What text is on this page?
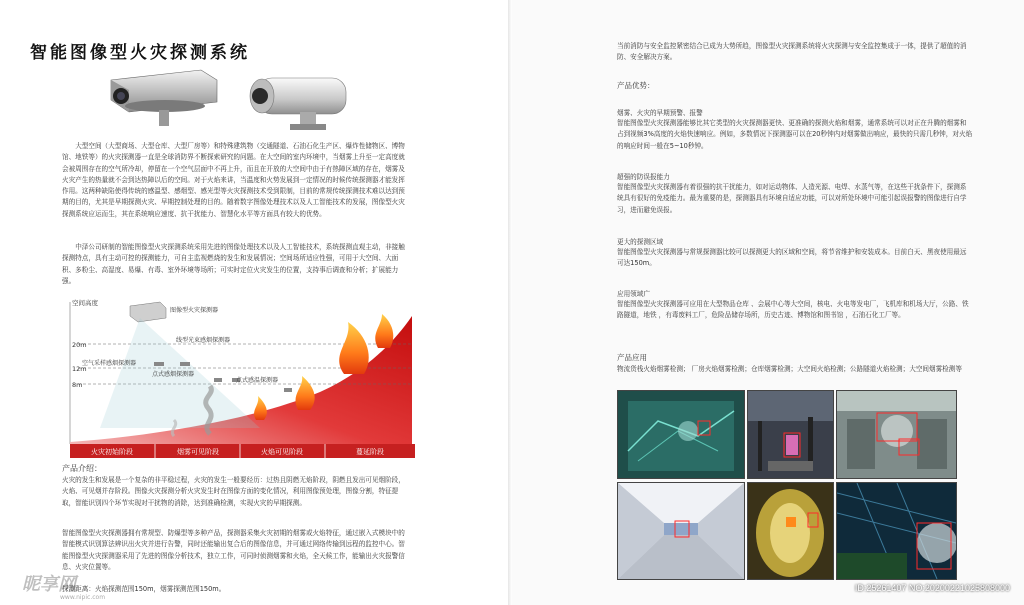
智能图像型火灾探测系统

大型空间（大型商场、大型仓库、大型厂房等）和特殊建筑物（交通隧道、石油石化生产区、爆炸性储物区、博物馆、地铁等）的火灾探测器一直是全球消防界不断探索研究的问题。在大空间的室内环境中，当烟雾上升至一定高度就会被周围存在的空气所冷却，停留在一个空气层面中不再上升，而且在开放的大空间中由于有热障区域的存在，烟雾及火灾产生的热量就不会到达热障以后的空间。对于火焰来讲，当温度和火势发展到一定情况的时候传统探测器才能发挥作用。这两种缺陷使得传统的感温型、感烟型、感光型等火灾探测技术受到限制，目前的常规传统探测技术难以达到预期的目的，尤其是早期探测火灾、早期控制处理的目的。随着数字图像处理技术以及人工智能技术的发展，图像型火灾探测系统应运而生，其在系统响应速度、抗干扰能力、智慧化水平等方面具有较大的优势。

中泽公司研制的智能图像型火灾探测系统采用先进的图像处理技术以及人工智能技术，系统探测直观主动，非接触探测特点，具有主动可控的探测能力，可自主监视燃烧的发生和发展情况；空间场所适应性强，可用于大空间、大面积、多粉尘、高湿度、易爆、有毒、室外环境等场所；可实时定位火灾发生的位置，支持事后调查和分析；扩展能力强。

空间高度
20m
12m
8m
图像型火灾探测器
线型光束感烟探测器
空气采样感烟探测器
点式感烟探测器
点式感温探测器
火灾初始阶段	烟雾可见阶段	火焰可见阶段	蔓延阶段
产品介绍：

火灾的发生和发展是一个复杂的非平稳过程，火灾的发生一般要经历：过热且阴燃无焰阶段，阴燃且发出可见烟阶段，火焰、可见烟并存阶段。图像火灾探测分析火灾发生时在图像方面的变化情况，利用图像预处理，图像分割，特征提取，智能识别四个环节实现对干扰物的消除，达到准确检测，实现火灾的早期探测。

智能图像型火灾探测器拥有常规型、防爆型等多种产品，探测器采集火灾初期的烟雾或火焰特征，通过嵌入式模块中的智能模式识别算法辨识出火灾并进行告警，同时还能输出复合后的图像信息，并可通过网络传输到远程的监控中心。智能图像型火灾探测器采用了先进的图像分析技术，独立工作，可同时侦测烟雾和火焰，全天候工作，能输出火灾报警信息、火灾位置等。

探测距离：火焰探测范围150m，烟雾探测范围150m。

昵享网
www.nipic.com

当前消防与安全监控紧密结合已成为大势所趋，图像型火灾探测系统将火灾探测与安全监控集成于一体，提供了超值的消防、安全解决方案。

产品优势：
烟雾、火灾的早期预警、报警

智能图像型火灾探测器能够比其它类型的火灾探测器更快、更准确的探测火焰和烟雾，通常系统可以对正在升腾的烟雾和占到视频3%高度的火焰快速响应。例如，多数情况下探测器可以在20秒钟内对烟雾做出响应，最快的只需几秒钟，对火焰的响应时间一般在5~10秒钟。

超强的防误报能力

智能图像型火灾探测器有着很强的抗干扰能力，如对运动物体、人造光源、电焊、水蒸气等，在这些干扰条件下，探测系统具有很好的免疫能力。最为重要的是，探测器具有环境自适应功能，可以对所处环境中可能引起误报警的图像进行自学习，进而避免误报。

更大的探测区域

智能图像型火灾探测器与常规探测器比较可以探测更大的区域和空间，将节省维护和安装成本。目前白天、黑夜使用最远可达150m。

应用领域广

智能图像型火灾探测器可应用在大型物品仓库 、会展中心等大空间，核电、火电等发电厂，飞机库和机场大厅，公路、铁路隧道，地铁 ，有毒废料工厂，危险品储存场所，历史古迹、博物馆和图书馆 ，石油石化工厂等。

产品应用

物流货栈火焰烟雾检测； 厂房火焰烟雾检测；仓库烟雾检测；大空间火焰检测；公路隧道火焰检测；大空间烟雾检测等

ID:25261407 NO:20200221025808000
